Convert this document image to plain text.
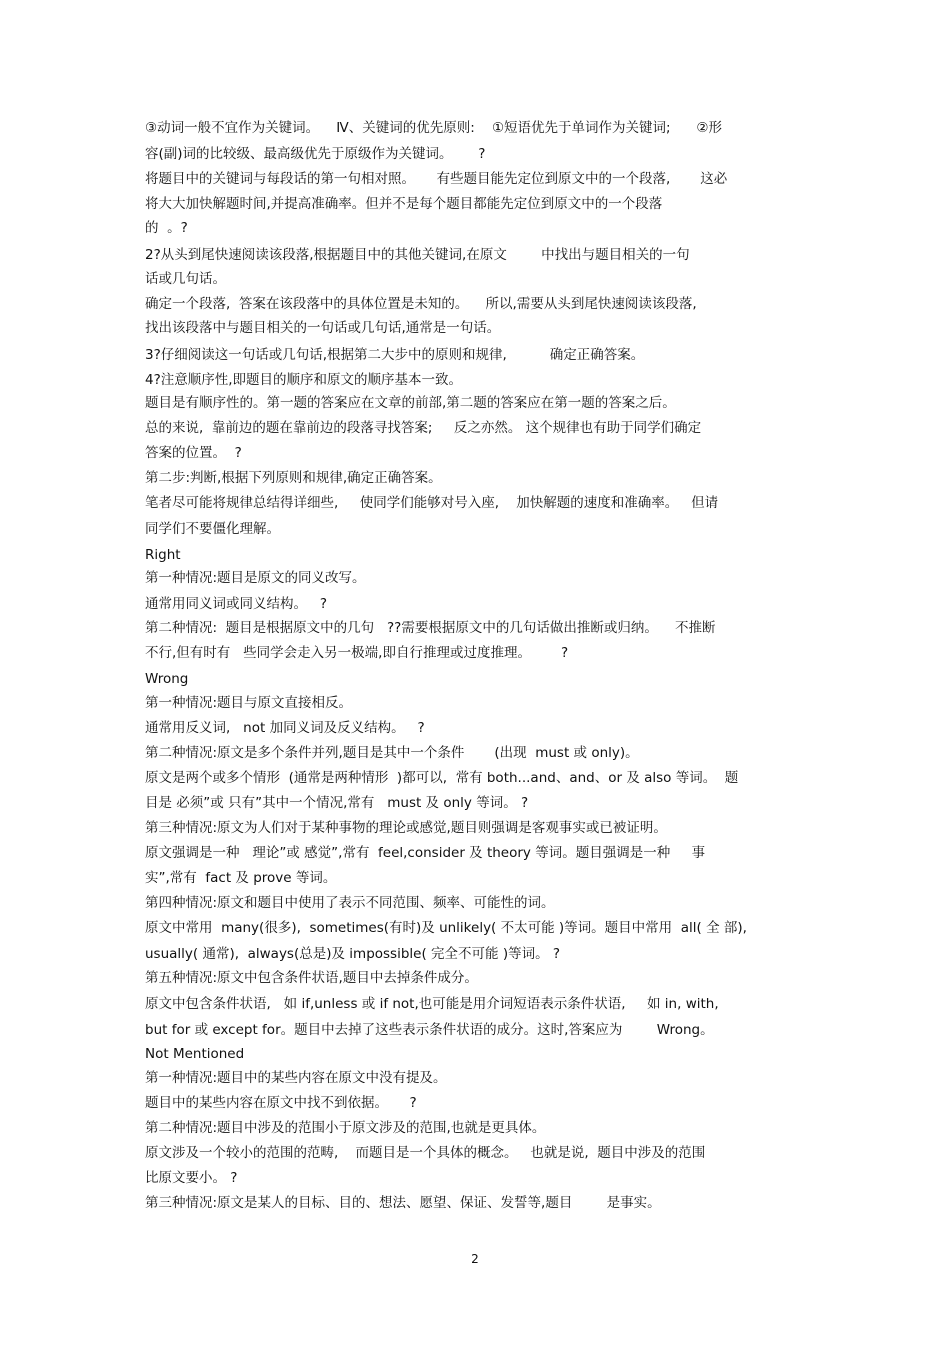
③动词一般不宜作为关键词。    Ⅳ、关键词的优先原则:    ①短语优先于单词作为关键词;      ②形
容(副)词的比较级、最高级优先于原级作为关键词。      ?
将题目中的关键词与每段话的第一句相对照。     有些题目能先定位到原文中的一个段落,       这必
将大大加快解题时间,并提高准确率。但并不是每个题目都能先定位到原文中的一个段落
的  。?
2?从头到尾快速阅读该段落,根据题目中的其他关键词,在原文        中找出与题目相关的一句
话或几句话。
确定一个段落,  答案在该段落中的具体位置是未知的。    所以,需要从头到尾快速阅读该段落,
找出该段落中与题目相关的一句话或几句话,通常是一句话。
3?仔细阅读这一句话或几句话,根据第二大步中的原则和规律,          确定正确答案。
4?注意顺序性,即题目的顺序和原文的顺序基本一致。
题目是有顺序性的。第一题的答案应在文章的前部,第二题的答案应在第一题的答案之后。
总的来说,  靠前边的题在靠前边的段落寻找答案;     反之亦然。 这个规律也有助于同学们确定
答案的位置。  ?
第二步:判断,根据下列原则和规律,确定正确答案。
笔者尽可能将规律总结得详细些,     使同学们能够对号入座,    加快解题的速度和准确率。   但请
同学们不要僵化理解。
Right
第一种情况:题目是原文的同义改写。
通常用同义词或同义结构。   ?
第二种情况:  题目是根据原文中的几句   ??需要根据原文中的几句话做出推断或归纳。    不推断
不行,但有时有   些同学会走入另一极端,即自行推理或过度推理。       ?
Wrong
第一种情况:题目与原文直接相反。
通常用反义词,   not 加同义词及反义结构。   ?
第二种情况:原文是多个条件并列,题目是其中一个条件       (出现  must 或 only)。
原文是两个或多个情形  (通常是两种情形  )都可以,  常有 both...and、and、or 及 also 等词。  题
目是 必须”或 只有”其中一个情况,常有   must 及 only 等词。 ?
第三种情况:原文为人们对于某种事物的理论或感觉,题目则强调是客观事实或已被证明。
原文强调是一种   理论”或 感觉”,常有  feel,consider 及 theory 等词。题目强调是一种     事
实”,常有  fact 及 prove 等词。
第四种情况:原文和题目中使用了表示不同范围、频率、可能性的词。
原文中常用  many(很多),  sometimes(有时)及 unlikely( 不太可能 )等词。题目中常用  all( 全 部),
usually( 通常),  always(总是)及 impossible( 完全不可能 )等词。 ?
第五种情况:原文中包含条件状语,题目中去掉条件成分。
原文中包含条件状语,   如 if,unless 或 if not,也可能是用介词短语表示条件状语,     如 in, with,
but for 或 except for。题目中去掉了这些表示条件状语的成分。这时,答案应为        Wrong。
Not Mentioned
第一种情况:题目中的某些内容在原文中没有提及。
题目中的某些内容在原文中找不到依据。     ?
第二种情况:题目中涉及的范围小于原文涉及的范围,也就是更具体。
原文涉及一个较小的范围的范畴,    而题目是一个具体的概念。   也就是说,  题目中涉及的范围
比原文要小。 ?
第三种情况:原文是某人的目标、目的、想法、愿望、保证、发誓等,题目        是事实。
2
